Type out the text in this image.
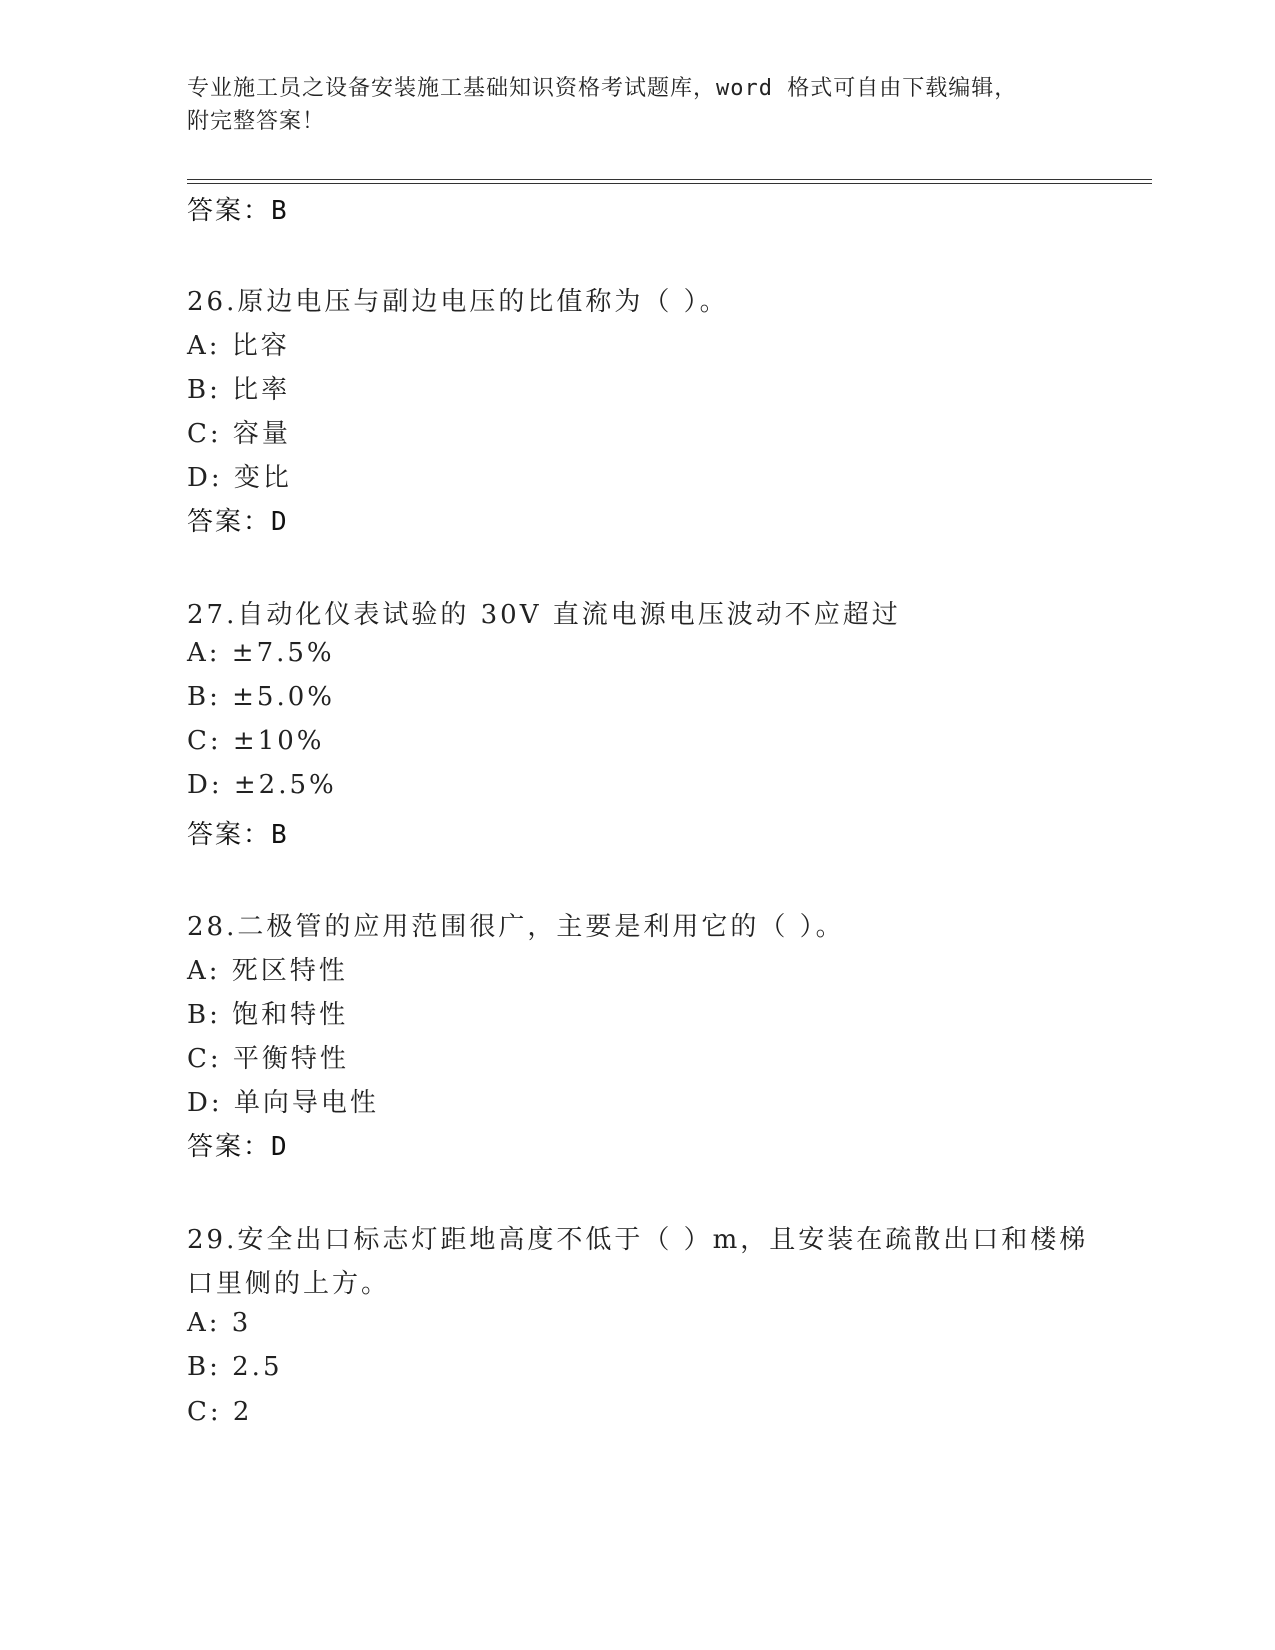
专业施工员之设备安装施工基础知识资格考试题库，word 格式可自由下载编辑，
附完整答案！
答案：B
26.原边电压与副边电压的比值称为（ ）。
A: 比容
B: 比率
C: 容量
D: 变比
答案：D
27.自动化仪表试验的 30V 直流电源电压波动不应超过
A: ±7.5%
B: ±5.0%
C: ±10%
D: ±2.5%
答案：B
28.二极管的应用范围很广，主要是利用它的（ ）。
A: 死区特性
B: 饱和特性
C: 平衡特性
D: 单向导电性
答案：D
29.安全出口标志灯距地高度不低于（ ）m，且安装在疏散出口和楼梯
口里侧的上方。
A: 3
B: 2.5
C: 2
